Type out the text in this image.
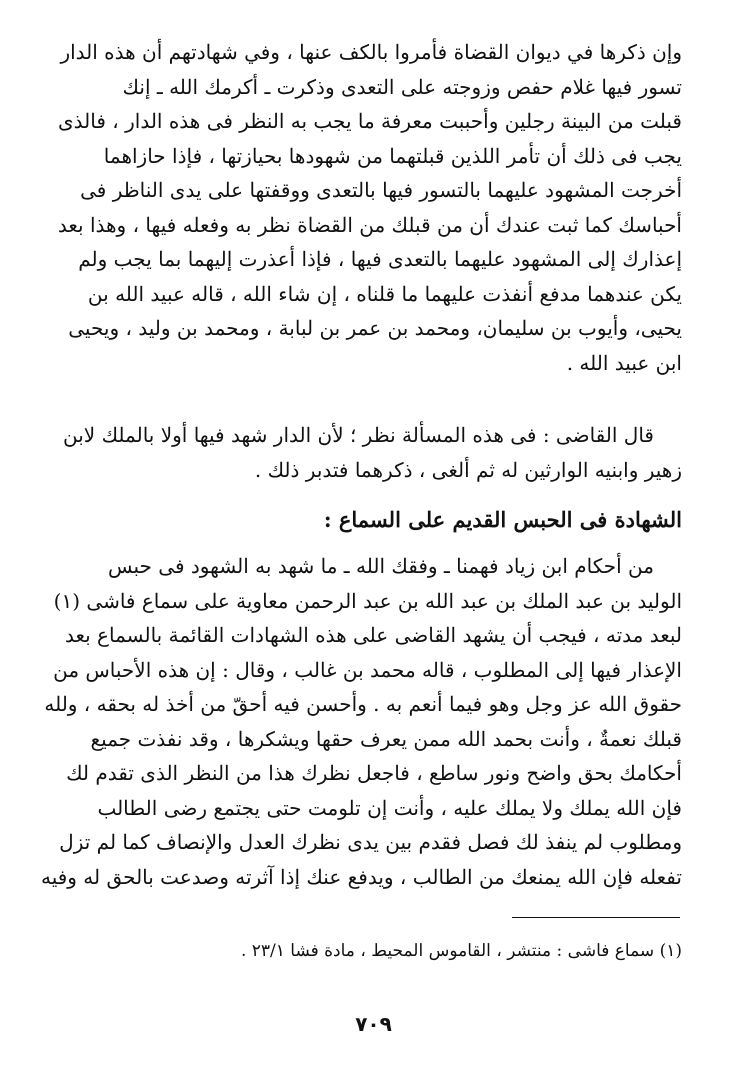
وإن ذكرها في ديوان القضاة فأمروا بالكف عنها ، وفي شهادتهم أن هذه الدار
تسور فيها غلام حفص وزوجته على التعدى وذكرت ـ أكرمك الله ـ إنك
قبلت من البينة رجلين وأحببت معرفة ما يجب به النظر فى هذه الدار ، فالذى
يجب فى ذلك أن تأمر اللذين قبلتهما من شهودها بحيازتها ، فإذا حازاهما
أخرجت المشهود عليهما بالتسور فيها بالتعدى ووقفتها على يدى الناظر فى
أحباسك كما ثبت عندك أن من قبلك من القضاة نظر به وفعله فيها ، وهذا بعد
إعذارك إلى المشهود عليهما بالتعدى فيها ، فإذا أعذرت إليهما بما يجب ولم
يكن عندهما مدفع أنفذت عليهما ما قلناه ، إن شاء الله ، قاله عبيد الله بن
يحيى، وأيوب بن سليمان، ومحمد بن عمر بن لبابة ، ومحمد بن وليد ، ويحيى
ابن عبيد الله .
قال القاضى : فى هذه المسألة نظر ؛ لأن الدار شهد فيها أولا بالملك لابن
زهير وابنيه الوارثين له ثم ألغى ، ذكرهما فتدبر ذلك .
الشهادة فى الحبس القديم على السماع :
من أحكام ابن زياد فهمنا ـ وفقك الله ـ ما شهد به الشهود فى حبس
الوليد بن عبد الملك بن عبد الله بن عبد الرحمن معاوية على سماع فاشى (١)
لبعد مدته ، فيجب أن يشهد القاضى على هذه الشهادات القائمة بالسماع بعد
الإعذار فيها إلى المطلوب ، قاله محمد بن غالب ، وقال : إن هذه الأحباس من
حقوق الله عز وجل وهو فيما أنعم به . وأحسن فيه أحقّ من أخذ له بحقه ، ولله
قبلك نعمةٌ ، وأنت بحمد الله ممن يعرف حقها ويشكرها ، وقد نفذت جميع
أحكامك بحق واضح ونور ساطع ، فاجعل نظرك هذا من النظر الذى تقدم لك
فإن الله يملك ولا يملك عليه ، وأنت إن تلومت حتى يجتمع رضى الطالب
ومطلوب لم ينفذ لك فصل فقدم بين يدى نظرك العدل والإنصاف كما لم تزل
تفعله فإن الله يمنعك من الطالب ، ويدفع عنك إذا آثرته وصدعت بالحق له وفيه
(١) سماع فاشى : منتشر ، القاموس المحيط ، مادة فشا ٢٣/١ .
٧٠٩
